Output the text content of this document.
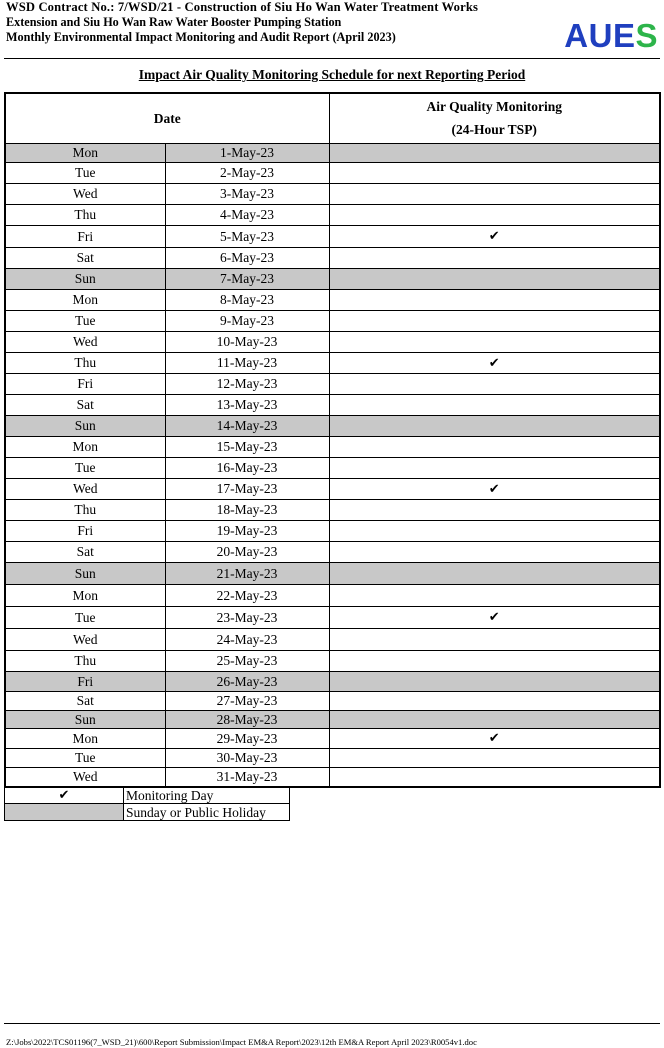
WSD Contract No.: 7/WSD/21 - Construction of Siu Ho Wan Water Treatment Works
Extension and Siu Ho Wan Raw Water Booster Pumping Station
Monthly Environmental Impact Monitoring and Audit Report (April 2023)	AUES
Impact Air Quality Monitoring Schedule for next Reporting Period
Date		Air Quality Monitoring
(24-Hour TSP)
Mon	1-May-23	
Tue	2-May-23	
Wed	3-May-23	
Thu	4-May-23	
Fri	5-May-23	✔
Sat	6-May-23	
Sun	7-May-23	
Mon	8-May-23	
Tue	9-May-23	
Wed	10-May-23	
Thu	11-May-23	✔
Fri	12-May-23	
Sat	13-May-23	
Sun	14-May-23	
Mon	15-May-23	
Tue	16-May-23	
Wed	17-May-23	✔
Thu	18-May-23	
Fri	19-May-23	
Sat	20-May-23	
Sun	21-May-23	
Mon	22-May-23	
Tue	23-May-23	✔
Wed	24-May-23	
Thu	25-May-23	
Fri	26-May-23	
Sat	27-May-23	
Sun	28-May-23	
Mon	29-May-23	✔
Tue	30-May-23	
Wed	31-May-23	
✔	Monitoring Day
	Sunday or Public Holiday
Z:\Jobs\2022\TCS01196(7_WSD_21)\600\Report Submission\Impact EM&A Report\2023\12th EM&A Report April 2023\R0054v1.doc
